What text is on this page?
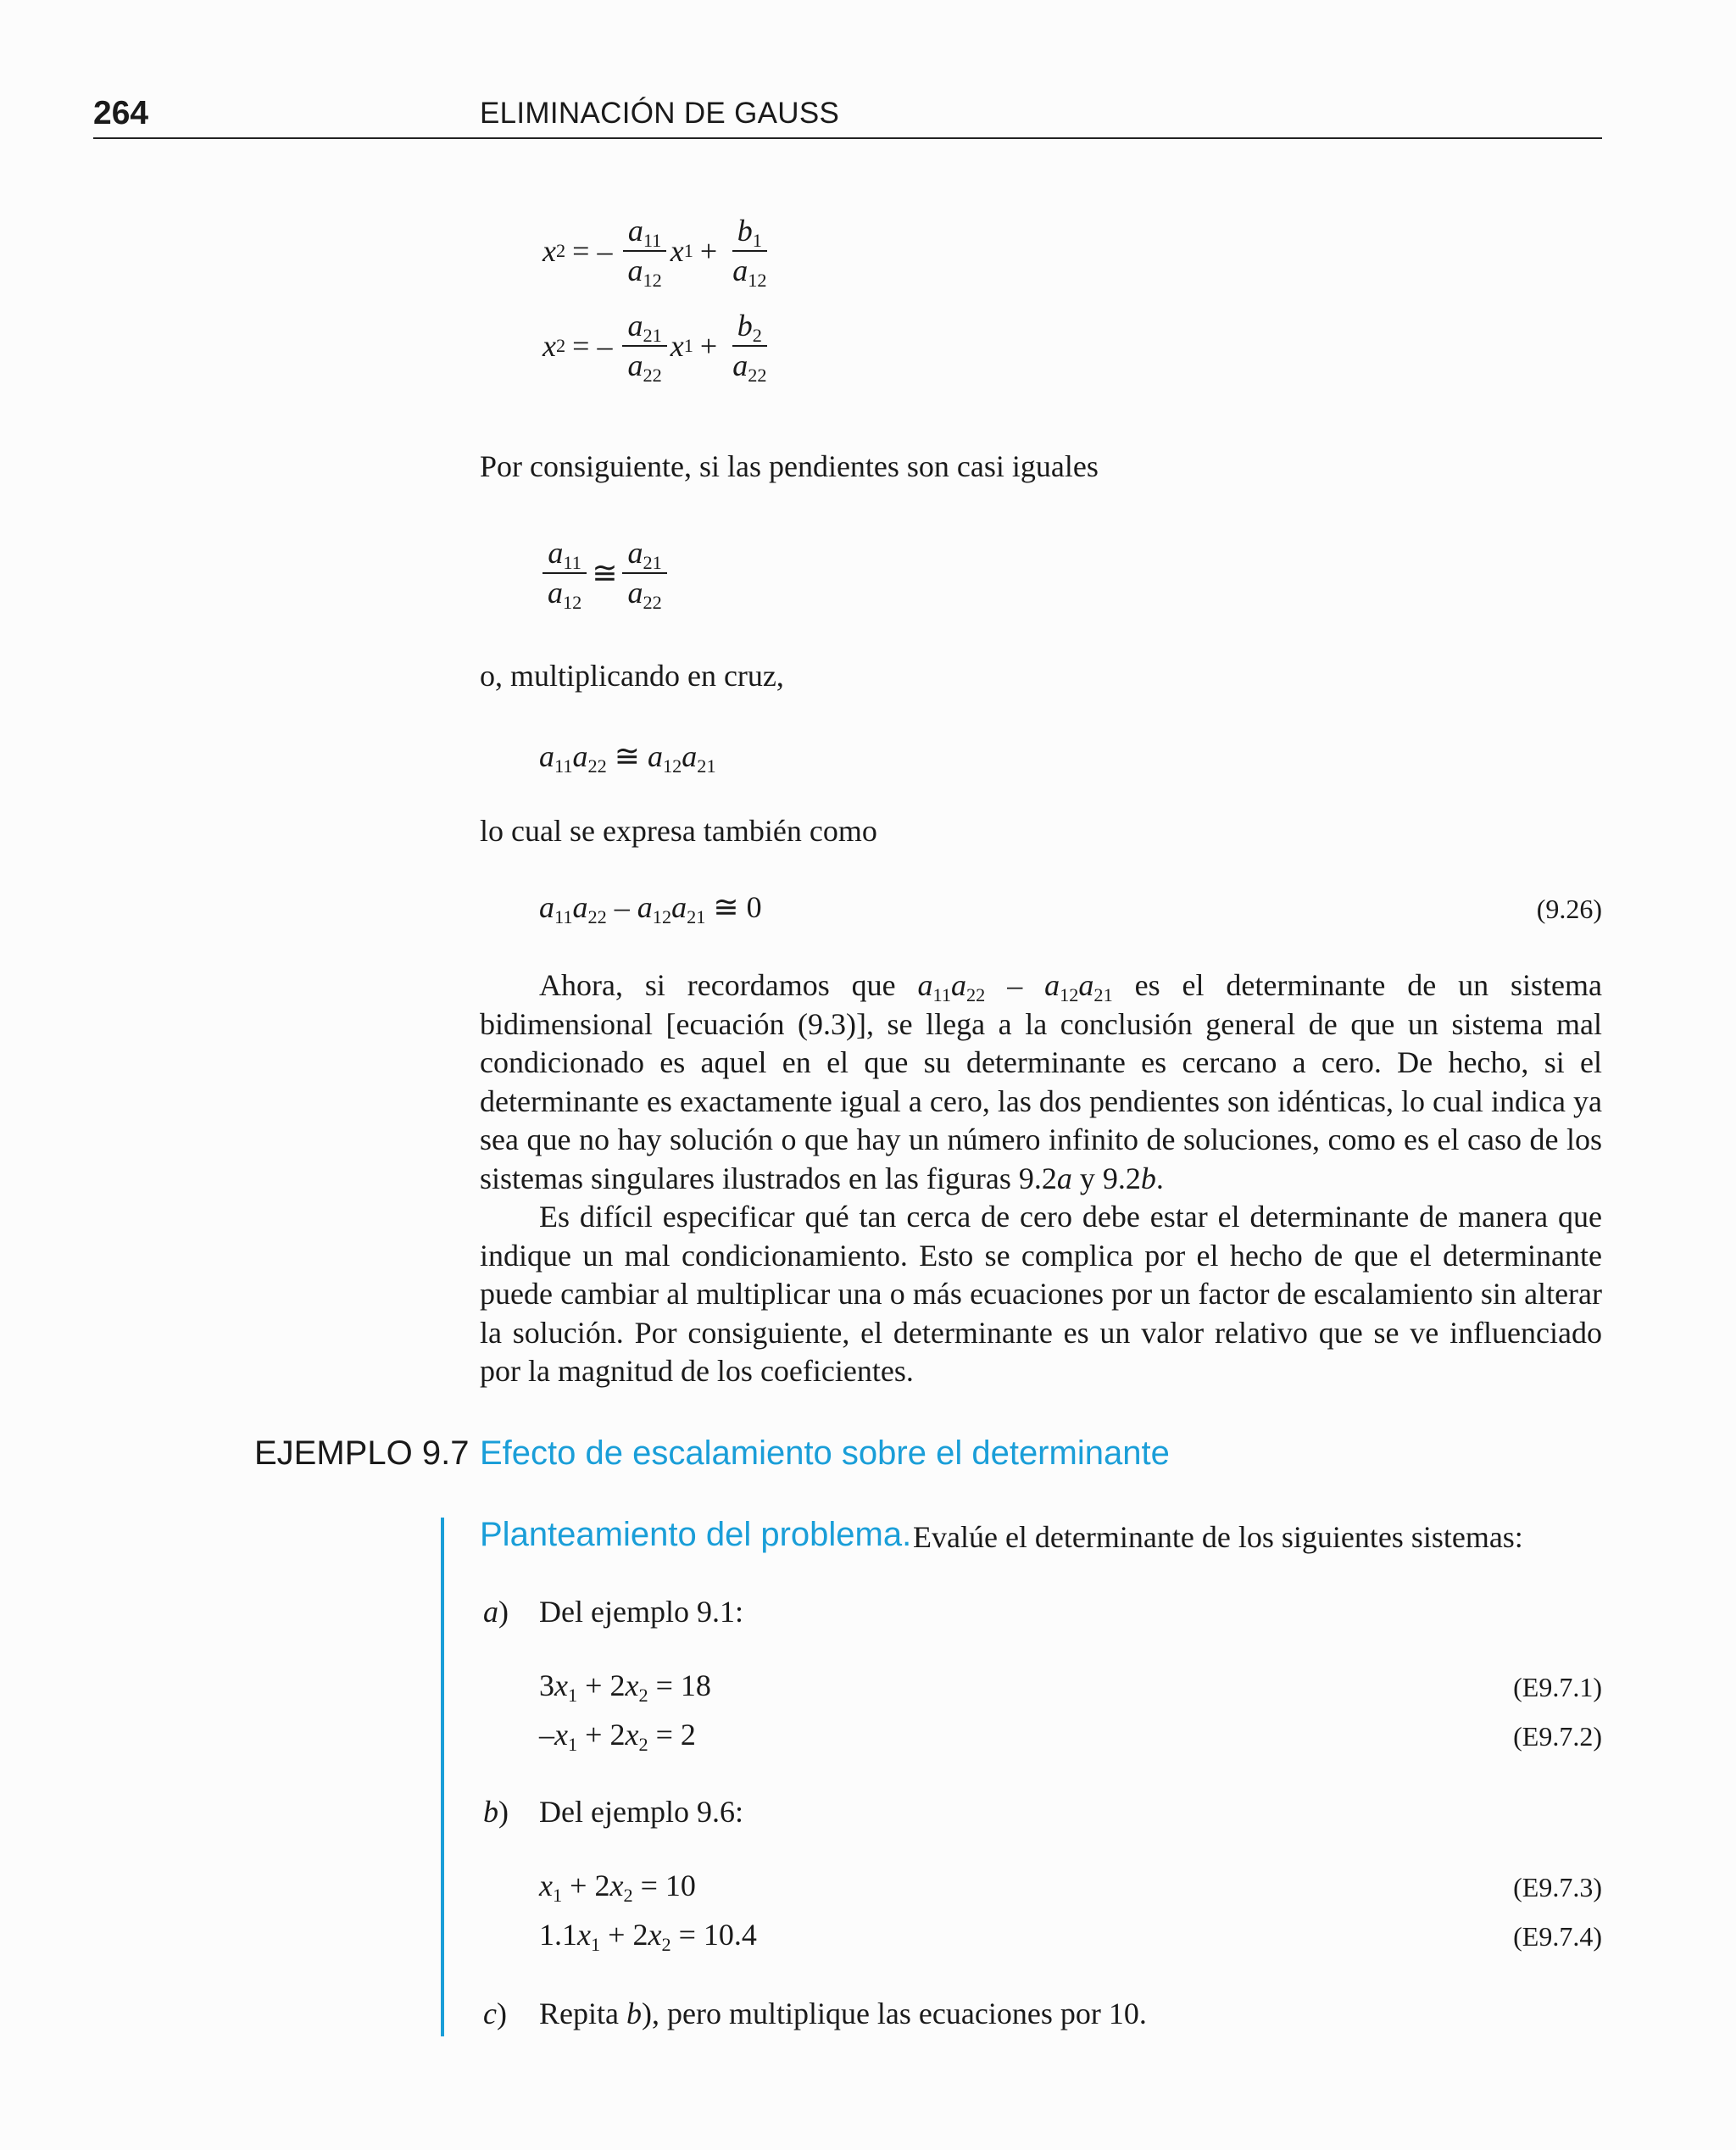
264	ELIMINACIÓN DE GAUSS
x 2 = – $\frac{a_{11}}{a_{12}}$ x $1 + \frac{b_1}{a_{12}}$
x 2 = – $\frac{a_{21}}{a_{22}}$ x $1 + \frac{b_2}{a_{22}}$
Por consiguiente, si las pendientes son casi iguales
$\frac{a_{11}}{a_{12}}$ ≅ $\frac{a_{21}}{a_{22}}$
o, multiplicando en cruz,
$a_{11}a_{22}$ ≅ $a_{12}a_{21}$
lo cual se expresa también como
$a_{11}a_{22} - a_{12}a_{21}$ ≅ 0	(9.26)
Ahora, si recordamos que $a_{11}a_{22} - a_{12}a_{21}$ es el determinante de un sistema bidimensional [ecuación (9.3)], se llega a la conclusión general de que un sistema mal condicionado es aquel en el que su determinante es cercano a cero. De hecho, si el determinante es exactamente igual a cero, las dos pendientes son idénticas, lo cual indica ya sea que no hay solución o que hay un número infinito de soluciones, como es el caso de los sistemas singulares ilustrados en las figuras 9.2a y 9.2b.
Es difícil especificar qué tan cerca de cero debe estar el determinante de manera que indique un mal condicionamiento. Esto se complica por el hecho de que el determinante puede cambiar al multiplicar una o más ecuaciones por un factor de escalamiento sin alterar la solución. Por consiguiente, el determinante es un valor relativo que se ve influenciado por la magnitud de los coeficientes.
EJEMPLO 9.7 Efecto de escalamiento sobre el determinante
Planteamiento del problema. Evalúe el determinante de los siguientes sistemas:
a) Del ejemplo 9.1:
$3x_1 + 2x_2 = 18$	(E9.7.1)
$-x_1 + 2x_2 = 2$	(E9.7.2)
b) Del ejemplo 9.6:
$x_1 + 2x_2 = 10$	(E9.7.3)
$1.1x_1 + 2x_2 = 10.4$	(E9.7.4)
c) Repita b), pero multiplique las ecuaciones por 10.
